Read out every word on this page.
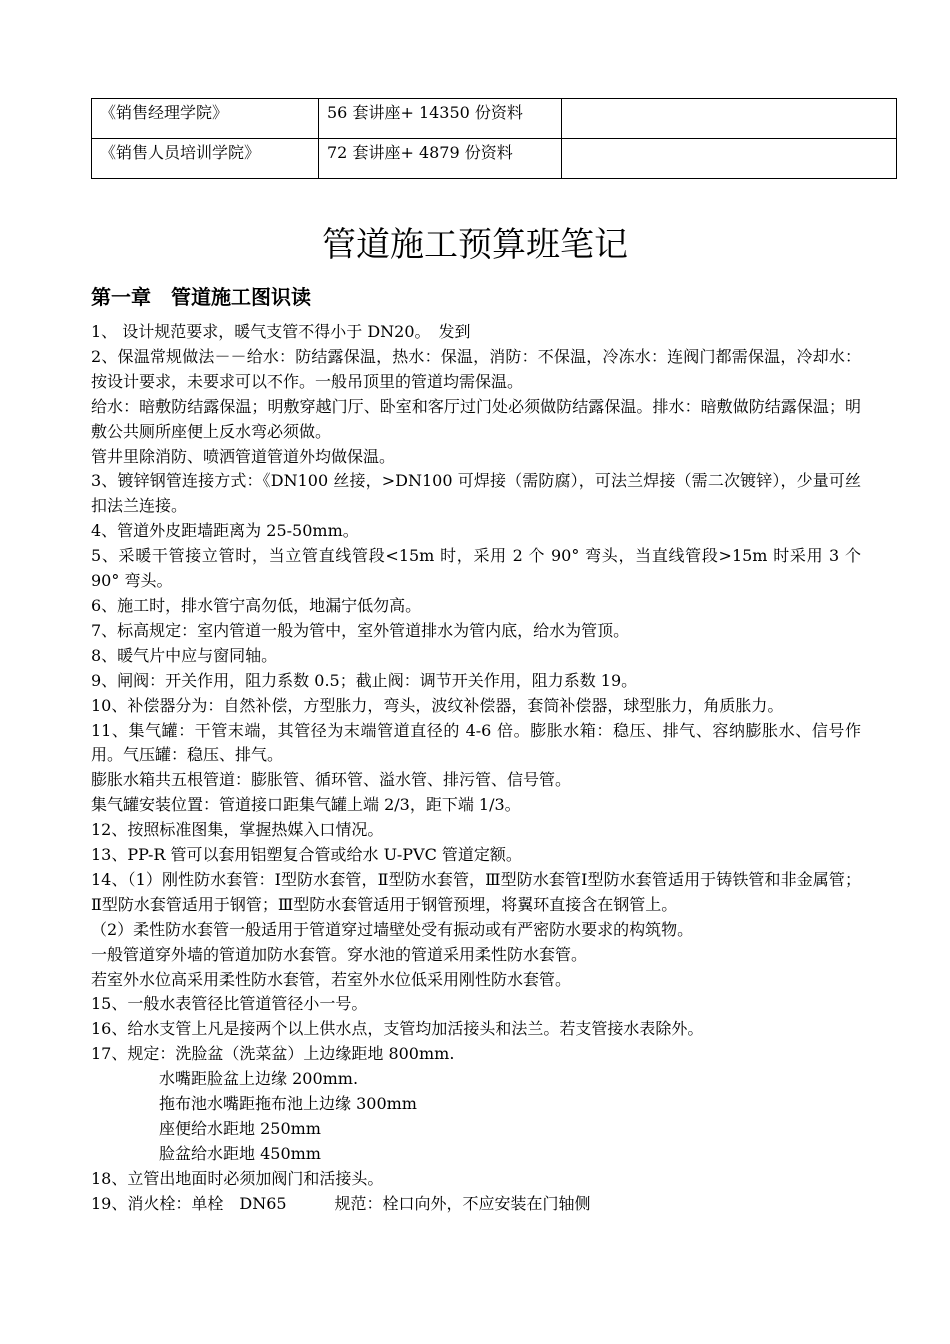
《销售经理学院》	56 套讲座+ 14350 份资料	
《销售人员培训学院》	72 套讲座+ 4879 份资料	
管道施工预算班笔记
第一章　管道施工图识读

1、 设计规范要求，暖气支管不得小于 DN20。　发到

2、保温常规做法－－给水：防结露保温，热水：保温，消防：不保温，冷冻水：连阀门都需保温，冷却水：按设计要求，未要求可以不作。一般吊顶里的管道均需保温。

给水：暗敷防结露保温；明敷穿越门厅、卧室和客厅过门处必须做防结露保温。排水：暗敷做防结露保温；明敷公共厕所座便上反水弯必须做。

管井里除消防、喷洒管道管道外均做保温。

3、镀锌钢管连接方式：《DN100 丝接，>DN100 可焊接（需防腐），可法兰焊接（需二次镀锌），少量可丝扣法兰连接。

4、管道外皮距墙距离为 25-50mm。

5、采暖干管接立管时，当立管直线管段<15m 时，采用 2 个 90° 弯头，当直线管段>15m 时采用 3 个 90° 弯头。

6、施工时，排水管宁高勿低，地漏宁低勿高。

7、标高规定：室内管道一般为管中，室外管道排水为管内底，给水为管顶。

8、暖气片中应与窗同轴。

9、闸阀：开关作用，阻力系数 0.5；截止阀：调节开关作用，阻力系数 19。

10、补偿器分为：自然补偿，方型胀力，弯头，波纹补偿器，套筒补偿器，球型胀力，角质胀力。

11、集气罐：干管末端，其管径为末端管道直径的 4-6 倍。膨胀水箱：稳压、排气、容纳膨胀水、信号作用。气压罐：稳压、排气。

膨胀水箱共五根管道：膨胀管、循环管、溢水管、排污管、信号管。

集气罐安装位置：管道接口距集气罐上端 2/3，距下端 1/3。

12、按照标准图集，掌握热媒入口情况。

13、PP-R 管可以套用铝塑复合管或给水 U-PVC 管道定额。

14、（1）刚性防水套管：Ⅰ型防水套管，Ⅱ型防水套管，Ⅲ型防水套管Ⅰ型防水套管适用于铸铁管和非金属管；Ⅱ型防水套管适用于钢管；Ⅲ型防水套管适用于钢管预埋，将翼环直接含在钢管上。

（2）柔性防水套管一般适用于管道穿过墙壁处受有振动或有严密防水要求的构筑物。

一般管道穿外墙的管道加防水套管。穿水池的管道采用柔性防水套管。

若室外水位高采用柔性防水套管，若室外水位低采用刚性防水套管。

15、一般水表管径比管道管径小一号。

16、给水支管上凡是接两个以上供水点，支管均加活接头和法兰。若支管接水表除外。

17、规定：洗脸盆（洗菜盆）上边缘距地 800mm.

水嘴距脸盆上边缘 200mm.

拖布池水嘴距拖布池上边缘 300mm

座便给水距地 250mm

脸盆给水距地 450mm

18、立管出地面时必须加阀门和活接头。

19、消火栓：单栓　DN65　　　规范：栓口向外，不应安装在门轴侧
